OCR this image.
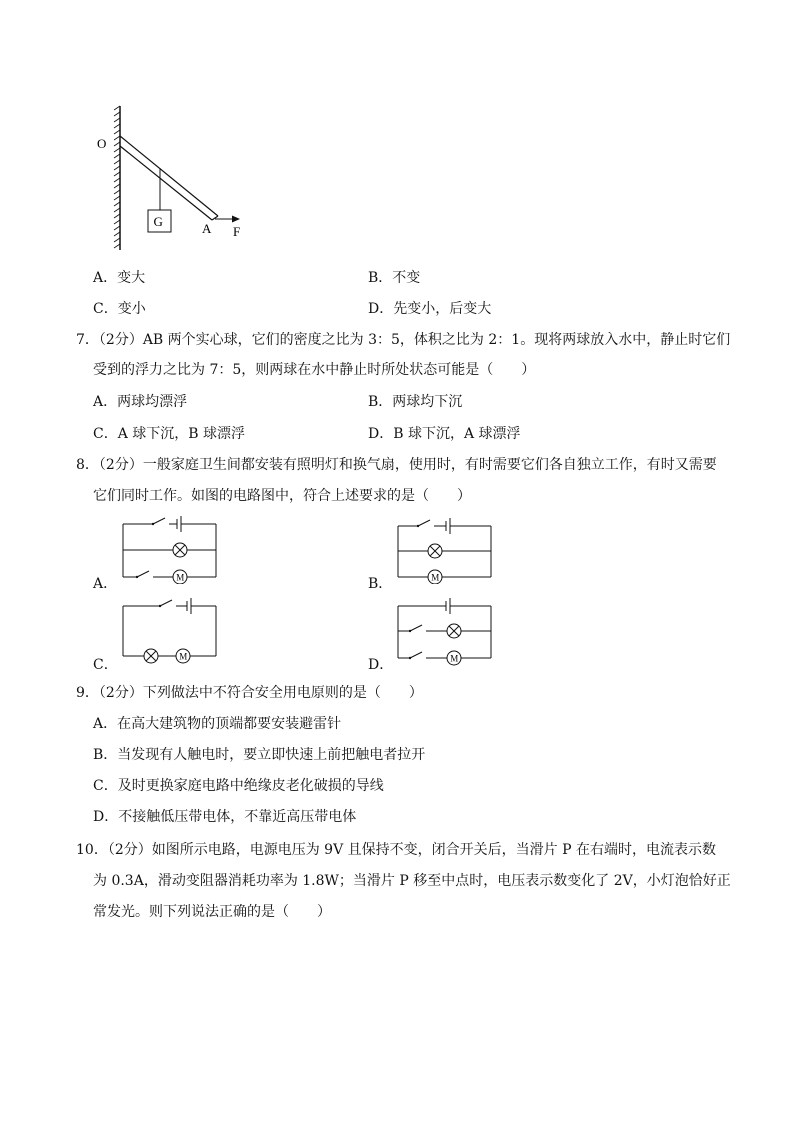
G
O
A F
A．变大	B．不变
C．变小	D．先变小，后变大
7．（2分）AB 两个实心球，它们的密度之比为 3：5，体积之比为 2：1。现将两球放入水中，静止时它们
受到的浮力之比为 7：5，则两球在水中静止时所处状态可能是（　　）
A．两球均漂浮	B．两球均下沉
C．A 球下沉，B 球漂浮	D．B 球下沉，A 球漂浮
8．（2分）一般家庭卫生间都安装有照明灯和换气扇，使用时，有时需要它们各自独立工作，有时又需要
它们同时工作。如图的电路图中，符合上述要求的是（　　）
A．	B．
C．	D．
M	M
M	M
9．（2分）下列做法中不符合安全用电原则的是（　　）
A．在高大建筑物的顶端都要安装避雷针
B．当发现有人触电时，要立即快速上前把触电者拉开
C．及时更换家庭电路中绝缘皮老化破损的导线
D．不接触低压带电体，不靠近高压带电体
10．（2分）如图所示电路，电源电压为 9V 且保持不变，闭合开关后，当滑片 P 在右端时，电流表示数
为 0.3A，滑动变阻器消耗功率为 1.8W；当滑片 P 移至中点时，电压表示数变化了 2V，小灯泡恰好正
常发光。则下列说法正确的是（　　）
